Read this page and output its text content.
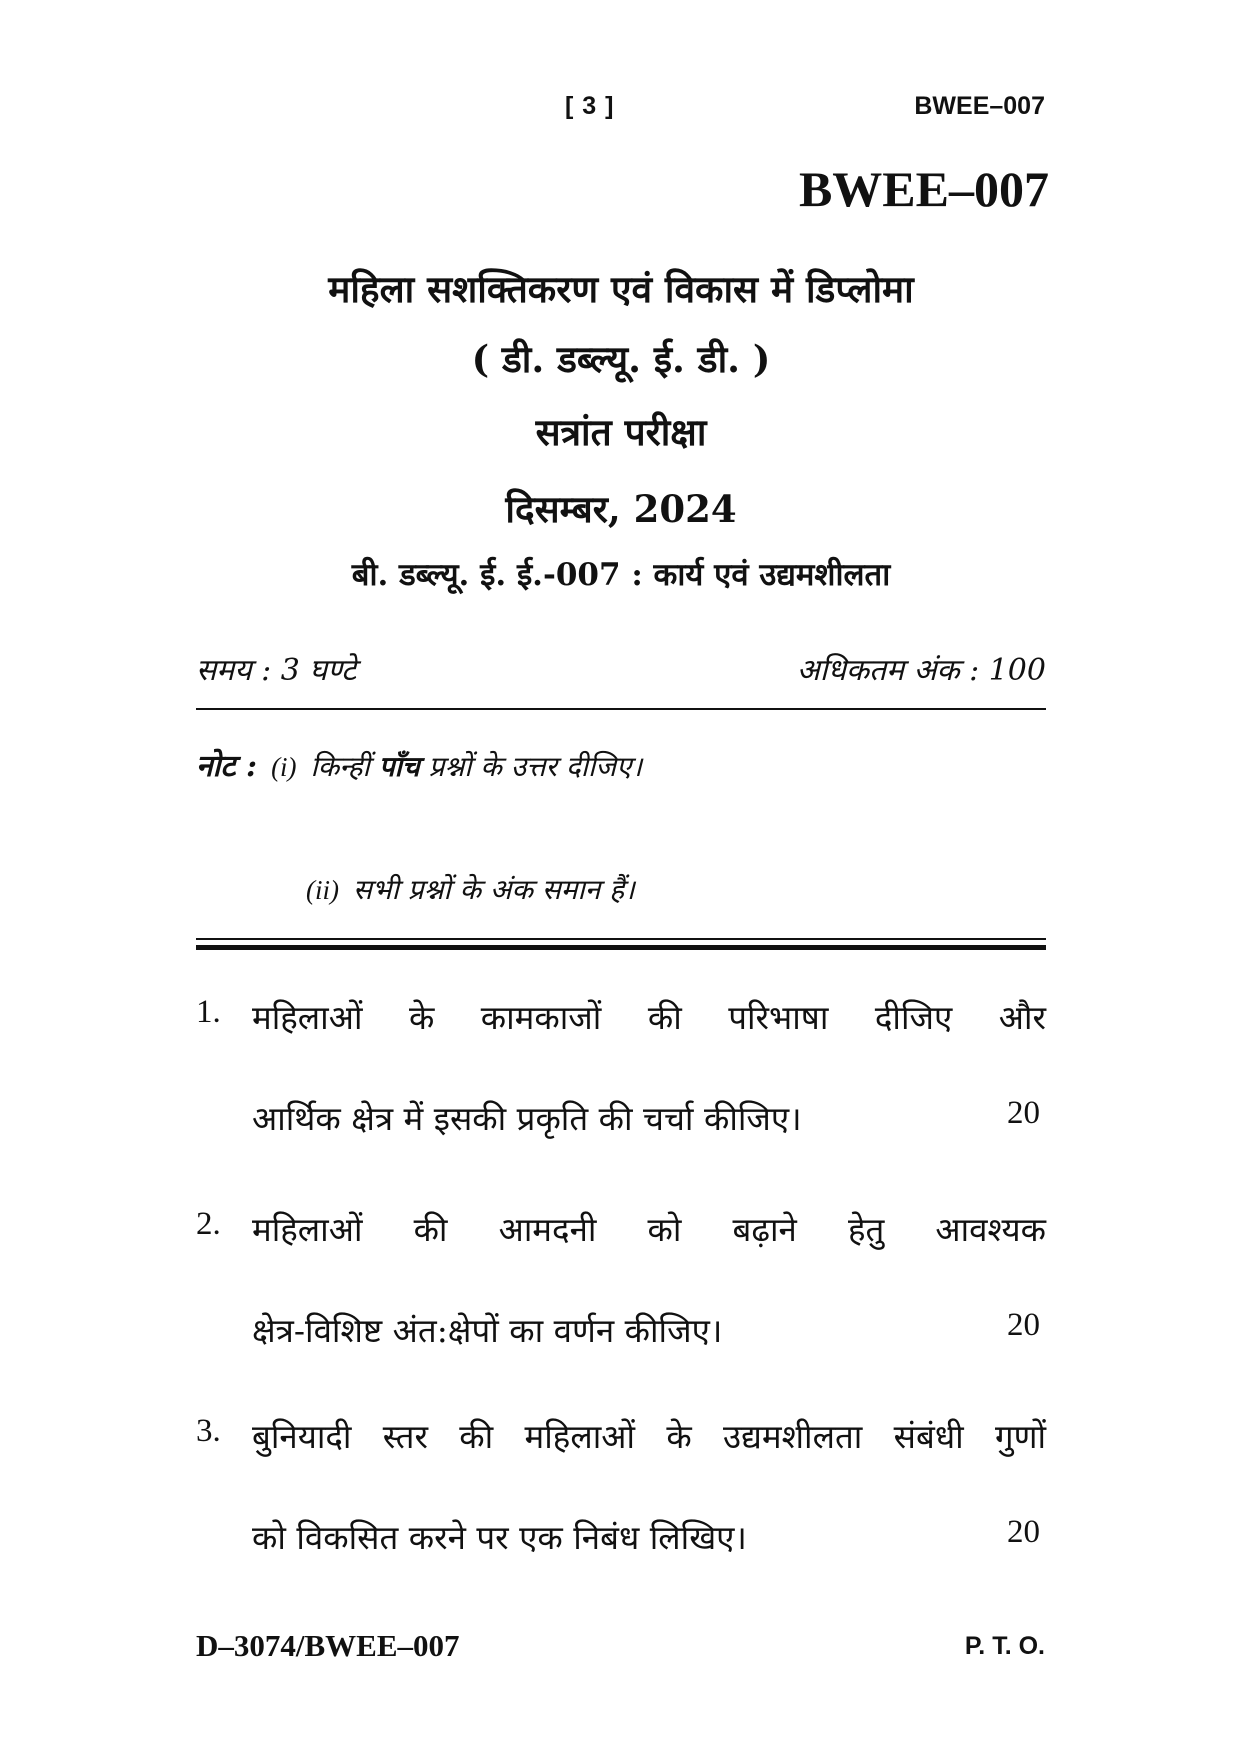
[ 3 ]	BWEE–007
BWEE–007
महिला सशक्तिकरण एवं विकास में डिप्लोमा
( डी. डब्ल्यू. ई. डी. )
सत्रांत परीक्षा
दिसम्बर, 2024
बी. डब्ल्यू. ई. ई.-007 : कार्य एवं उद्यमशीलता
समय : 3 घण्टे	अधिकतम अंक : 100
नोट : (i) किन्हीं पाँच प्रश्नों के उत्तर दीजिए।
(ii) सभी प्रश्नों के अंक समान हैं।
1. महिलाओं के कामकाजों की परिभाषा दीजिए और
आर्थिक क्षेत्र में इसकी प्रकृति की चर्चा कीजिए।	20
2. महिलाओं की आमदनी को बढ़ाने हेतु आवश्यक
क्षेत्र-विशिष्ट अंत:क्षेपों का वर्णन कीजिए।	20
3. बुनियादी स्तर की महिलाओं के उद्यमशीलता संबंधी गुणों
को विकसित करने पर एक निबंध लिखिए।	20
D–3074/BWEE–007	P. T. O.
